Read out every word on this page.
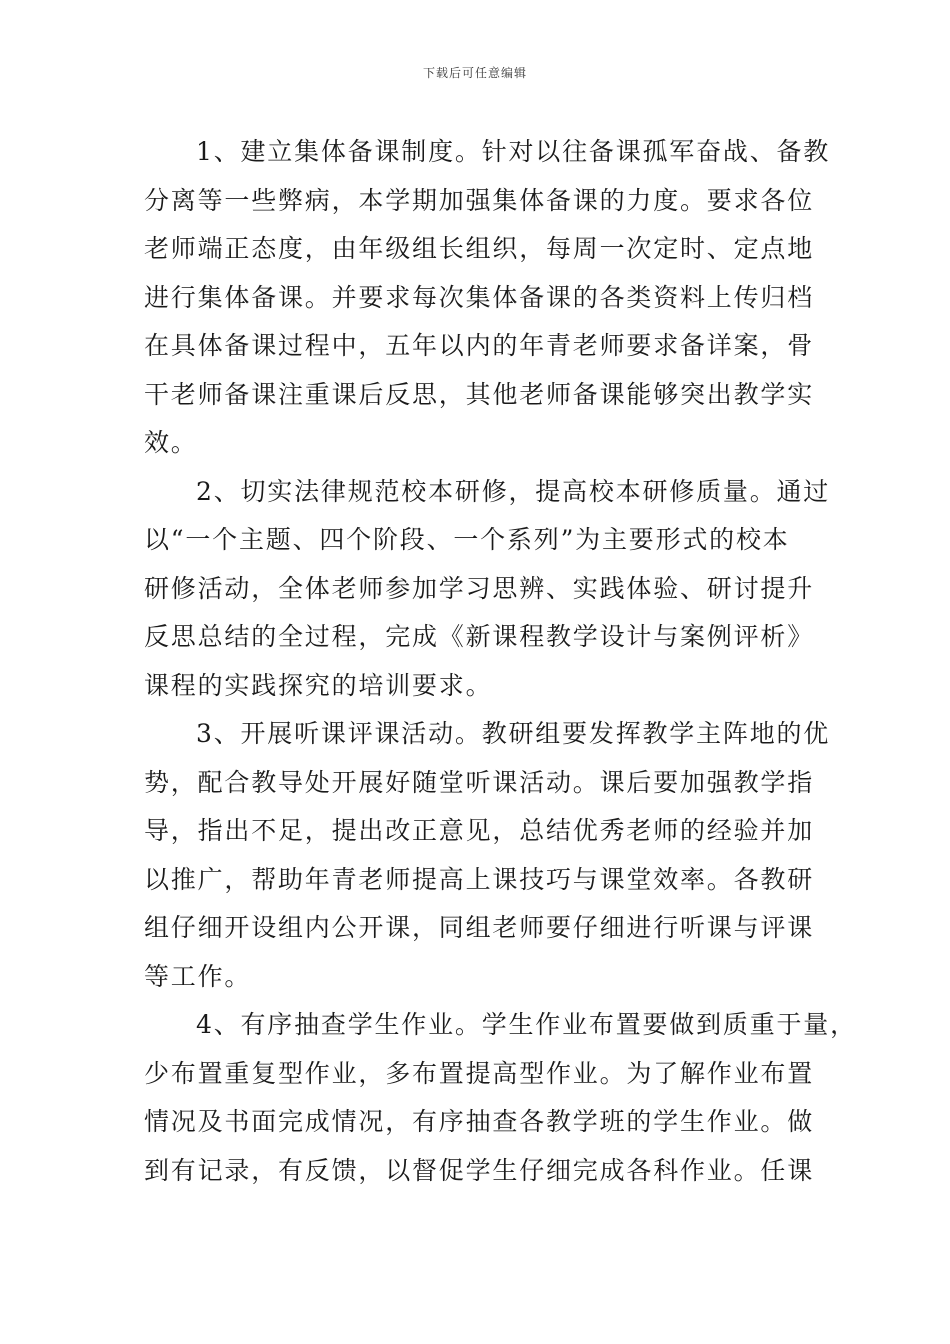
下载后可任意编辑
1、建立集体备课制度。针对以往备课孤军奋战、备教
分离等一些弊病，本学期加强集体备课的力度。要求各位
老师端正态度，由年级组长组织，每周一次定时、定点地
进行集体备课。并要求每次集体备课的各类资料上传归档
在具体备课过程中，五年以内的年青老师要求备详案，骨
干老师备课注重课后反思，其他老师备课能够突出教学实
效。
2、切实法律规范校本研修，提高校本研修质量。通过
以“一个主题、四个阶段、一个系列”为主要形式的校本
研修活动，全体老师参加学习思辨、实践体验、研讨提升
反思总结的全过程，完成《新课程教学设计与案例评析》
课程的实践探究的培训要求。
3、开展听课评课活动。教研组要发挥教学主阵地的优
势，配合教导处开展好随堂听课活动。课后要加强教学指
导，指出不足，提出改正意见，总结优秀老师的经验并加
以推广，帮助年青老师提高上课技巧与课堂效率。各教研
组仔细开设组内公开课，同组老师要仔细进行听课与评课
等工作。
4、有序抽查学生作业。学生作业布置要做到质重于量，
少布置重复型作业，多布置提高型作业。为了解作业布置
情况及书面完成情况，有序抽查各教学班的学生作业。做
到有记录，有反馈，以督促学生仔细完成各科作业。任课
